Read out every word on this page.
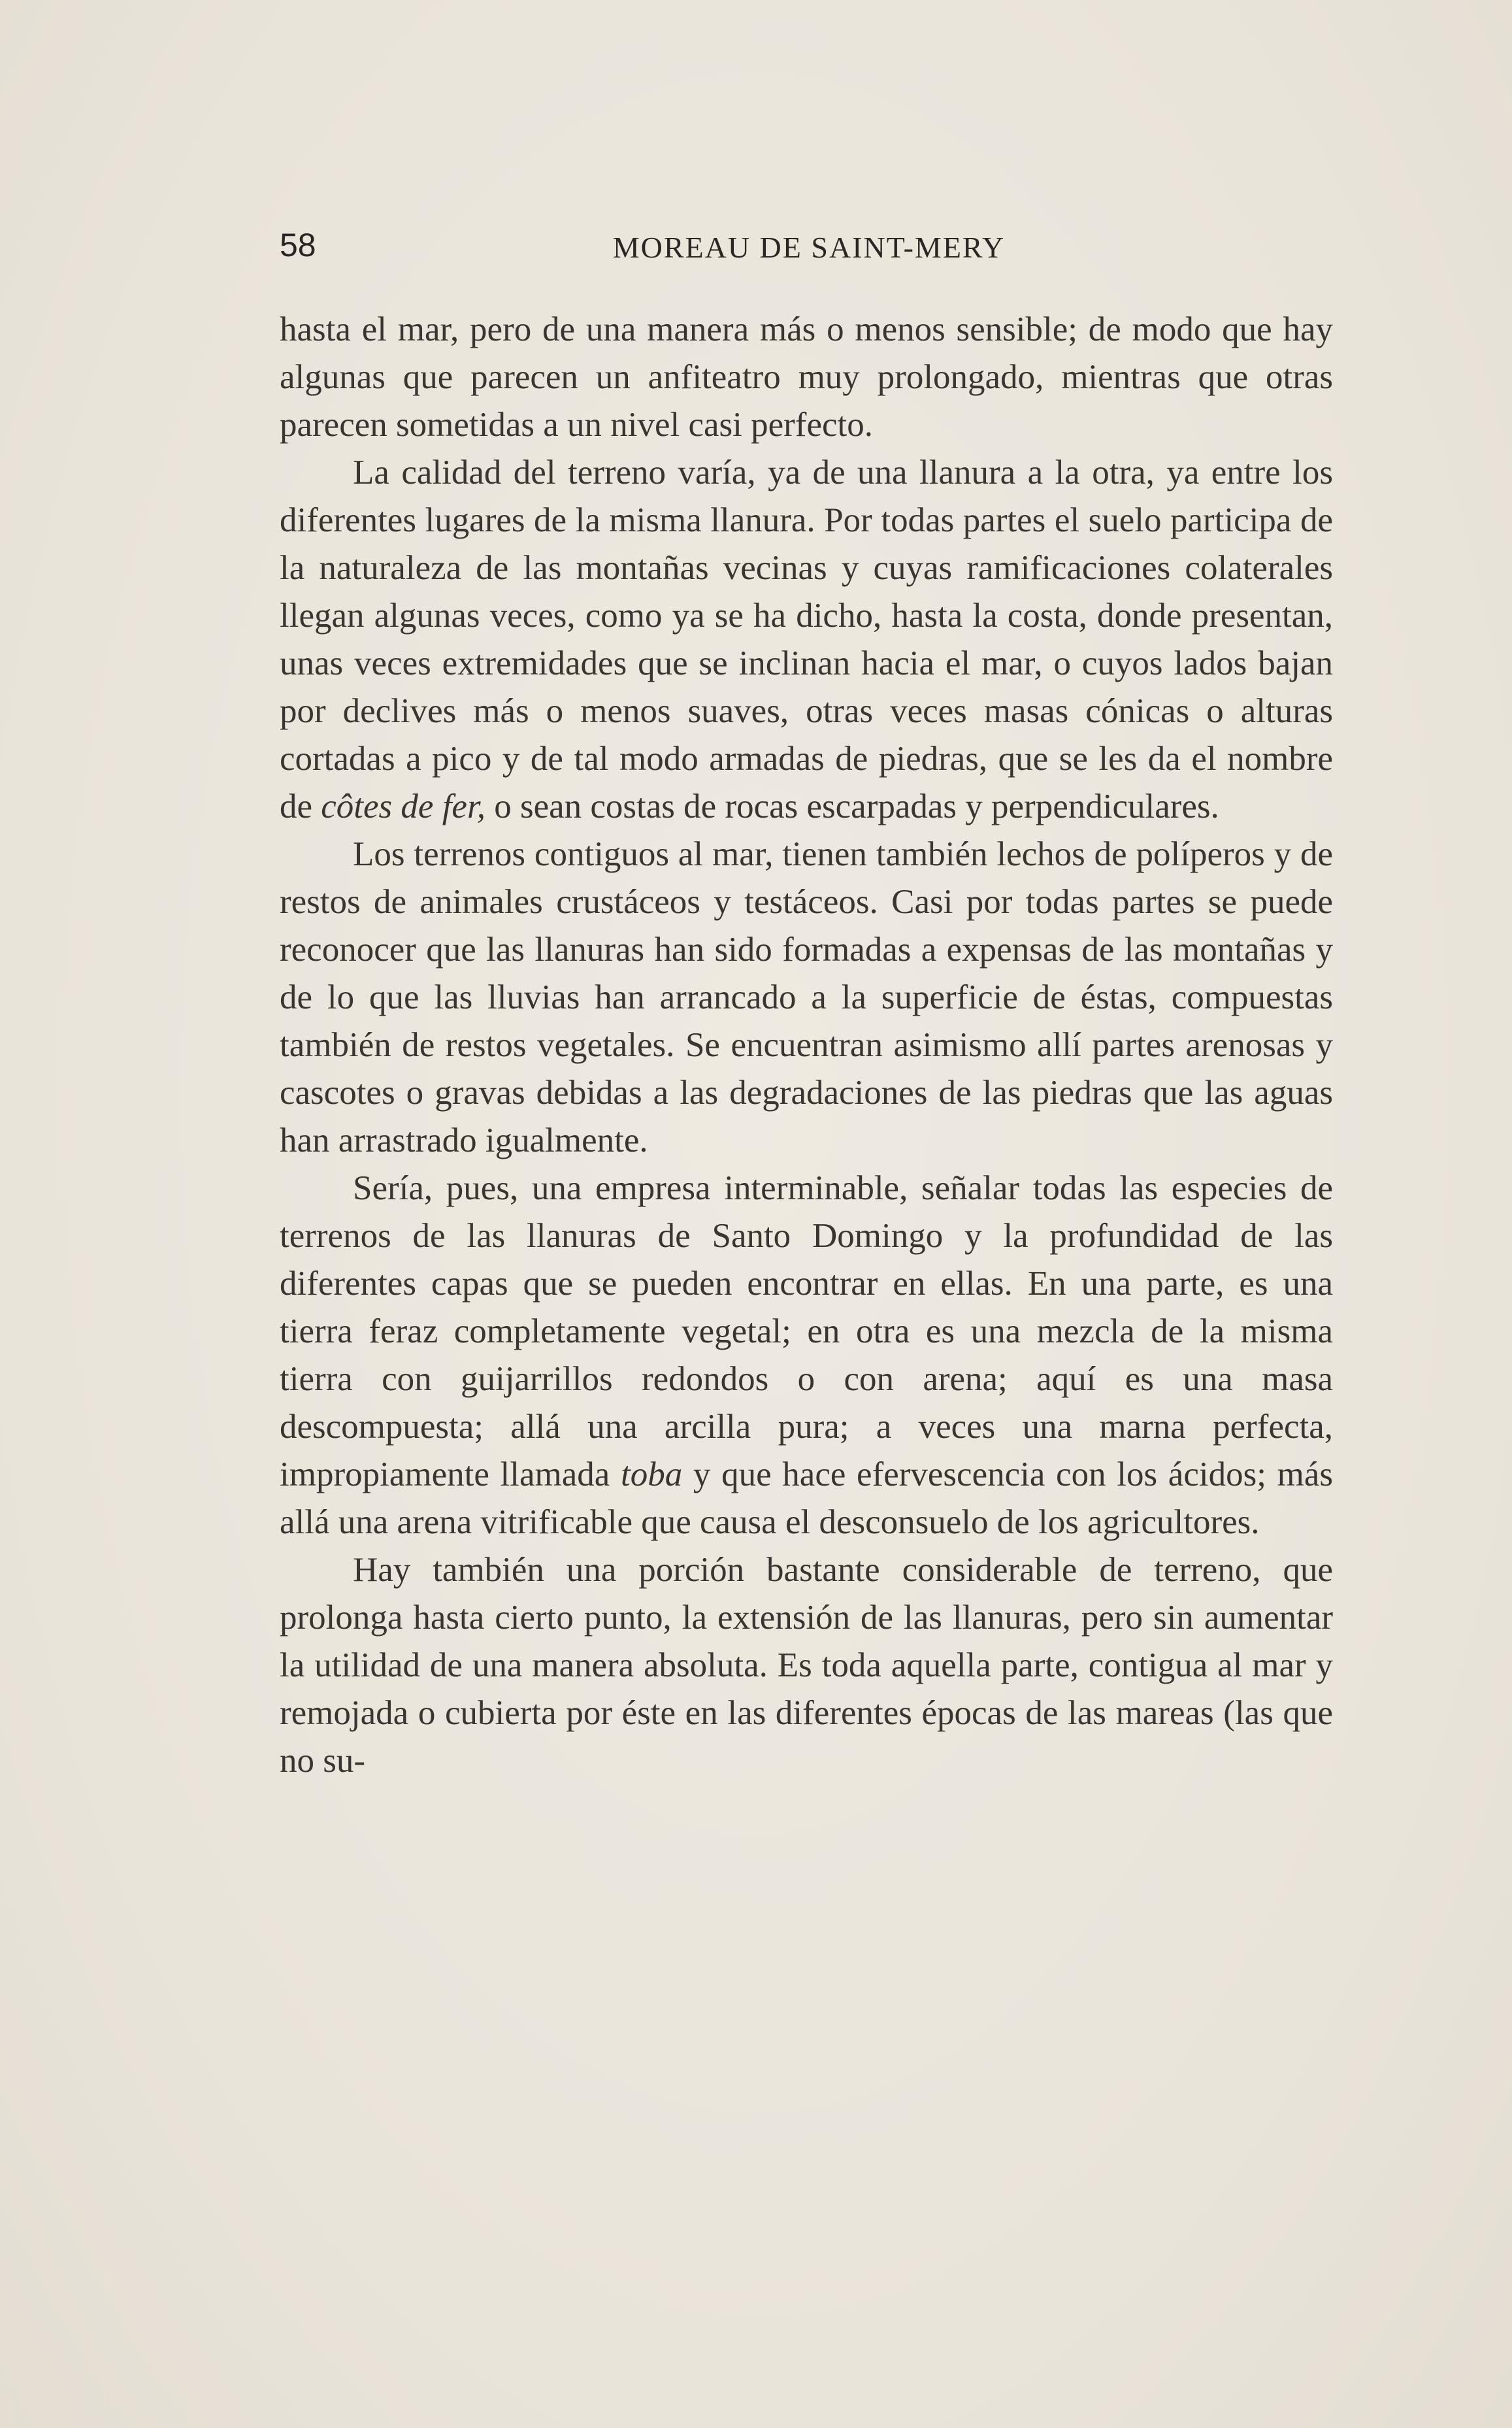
58	MOREAU DE SAINT-MERY

hasta el mar, pero de una manera más o menos sensible; de modo que hay algunas que parecen un anfiteatro muy prolongado, mientras que otras parecen sometidas a un nivel casi perfecto.

La calidad del terreno varía, ya de una llanura a la otra, ya entre los diferentes lugares de la misma llanura. Por todas partes el suelo participa de la naturaleza de las montañas vecinas y cuyas ramificaciones colaterales llegan algunas veces, como ya se ha dicho, hasta la costa, donde presentan, unas veces extremidades que se inclinan hacia el mar, o cuyos lados bajan por declives más o menos suaves, otras veces masas cónicas o alturas cortadas a pico y de tal modo armadas de piedras, que se les da el nombre de côtes de fer, o sean costas de rocas escarpadas y perpendiculares.

Los terrenos contiguos al mar, tienen también lechos de políperos y de restos de animales crustáceos y testáceos. Casi por todas partes se puede reconocer que las llanuras han sido formadas a expensas de las montañas y de lo que las lluvias han arrancado a la superficie de éstas, compuestas también de restos vegetales. Se encuentran asimismo allí partes arenosas y cascotes o gravas debidas a las degradaciones de las piedras que las aguas han arrastrado igualmente.

Sería, pues, una empresa interminable, señalar todas las especies de terrenos de las llanuras de Santo Domingo y la profundidad de las diferentes capas que se pueden encontrar en ellas. En una parte, es una tierra feraz completamente vegetal; en otra es una mezcla de la misma tierra con guijarrillos redondos o con arena; aquí es una masa descompuesta; allá una arcilla pura; a veces una marna perfecta, impropiamente llamada toba y que hace efervescencia con los ácidos; más allá una arena vitrificable que causa el desconsuelo de los agricultores.

Hay también una porción bastante considerable de terreno, que prolonga hasta cierto punto, la extensión de las llanuras, pero sin aumentar la utilidad de una manera absoluta. Es toda aquella parte, contigua al mar y remojada o cubierta por éste en las diferentes épocas de las mareas (las que no su-
